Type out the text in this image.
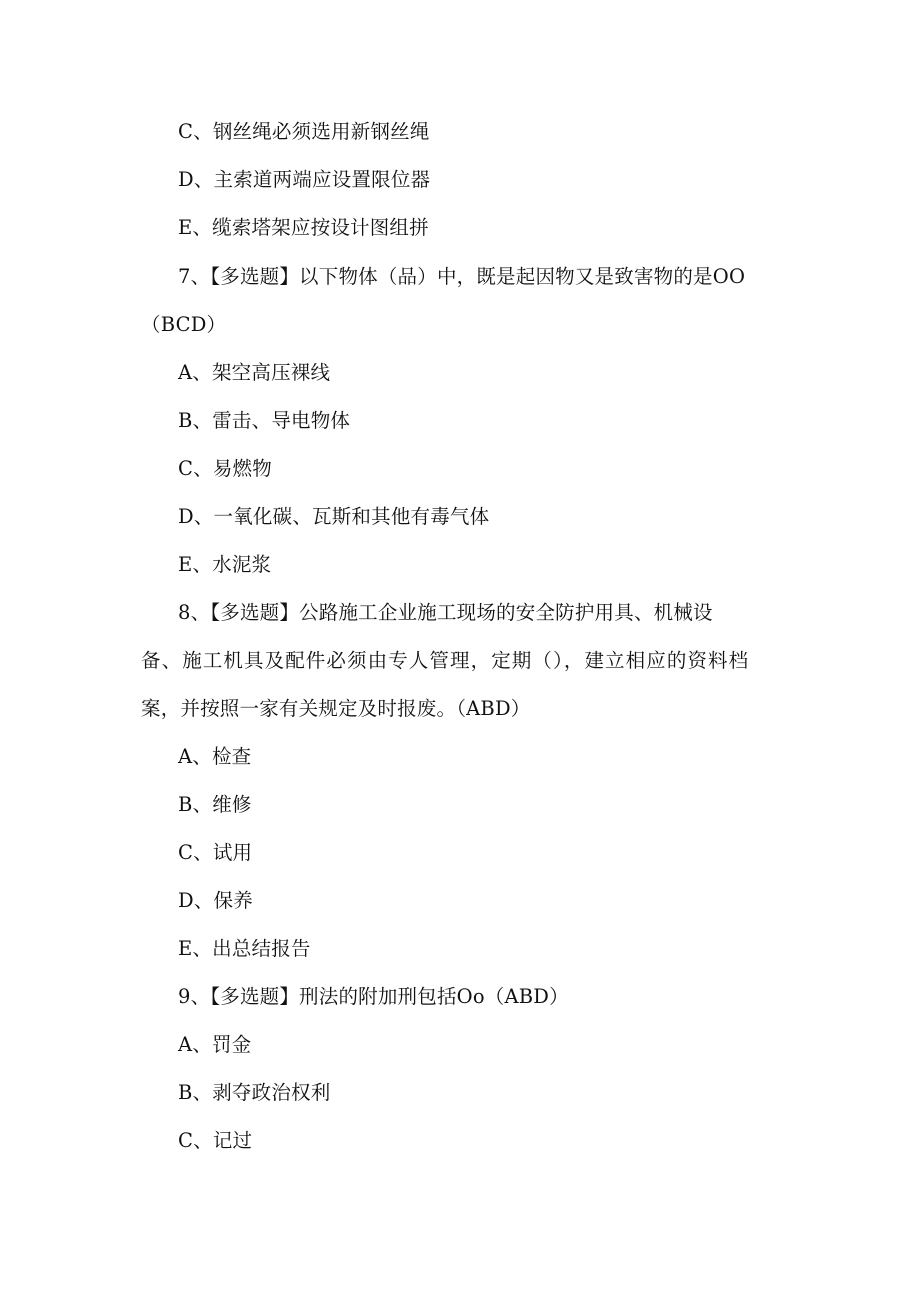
C、钢丝绳必须选用新钢丝绳
D、主索道两端应设置限位器
E、缆索塔架应按设计图组拼
7、【多选题】以下物体（品）中，既是起因物又是致害物的是OO
（BCD）
A、架空高压裸线
B、雷击、导电物体
C、易燃物
D、一氧化碳、瓦斯和其他有毒气体
E、水泥浆
8、【多选题】公路施工企业施工现场的安全防护用具、机械设
备、施工机具及配件必须由专人管理，定期（），建立相应的资料档
案，并按照一家有关规定及时报废。（ABD）
A、检查
B、维修
C、试用
D、保养
E、出总结报告
9、【多选题】刑法的附加刑包括Oo（ABD）
A、罚金
B、剥夺政治权利
C、记过
